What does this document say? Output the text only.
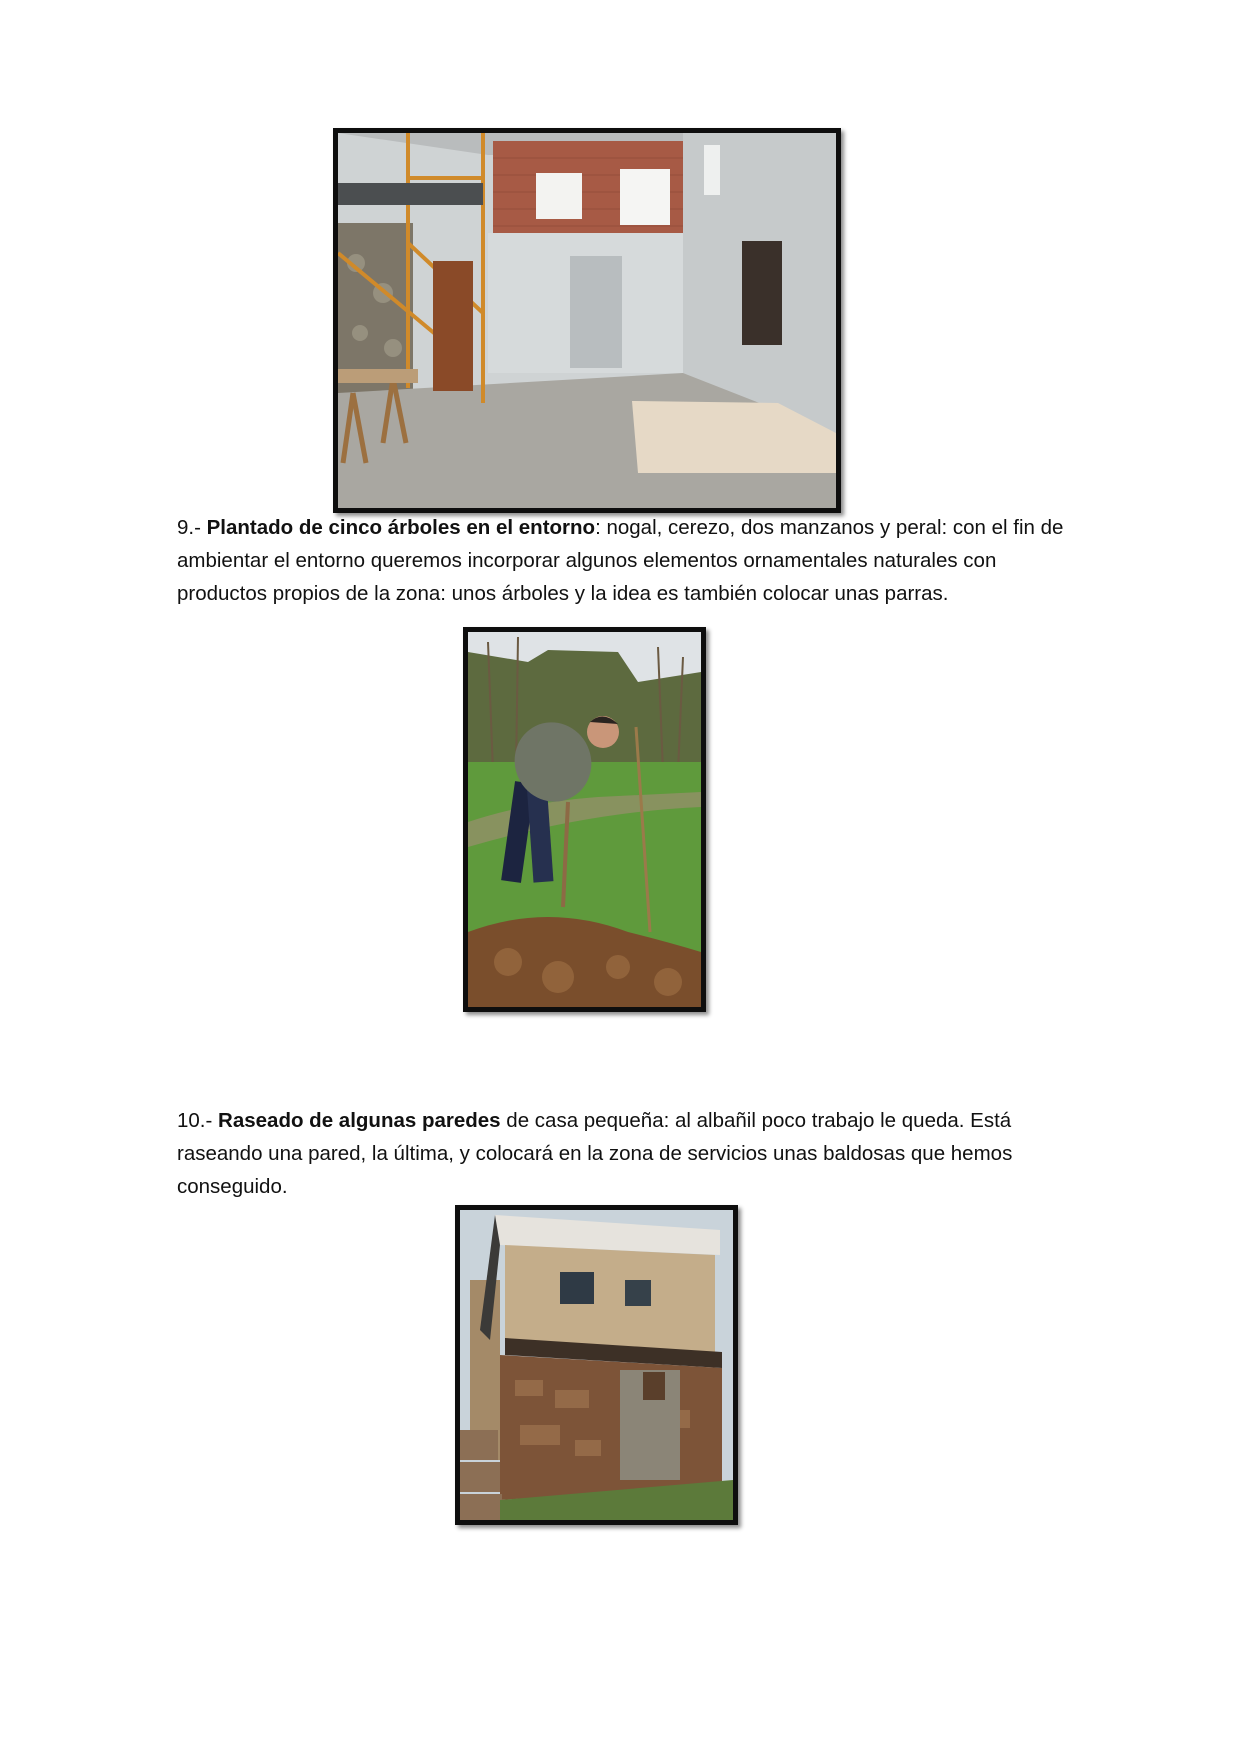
9.- Plantado de cinco árboles en el entorno: nogal, cerezo, dos manzanos y peral: con el fin de
ambientar el entorno queremos incorporar algunos elementos ornamentales naturales con
productos propios de la zona: unos árboles y la idea es también colocar unas parras.

10.- Raseado de algunas paredes de casa pequeña: al albañil poco trabajo le queda. Está
raseando una pared, la última, y colocará en la zona de servicios unas baldosas que hemos
conseguido.
